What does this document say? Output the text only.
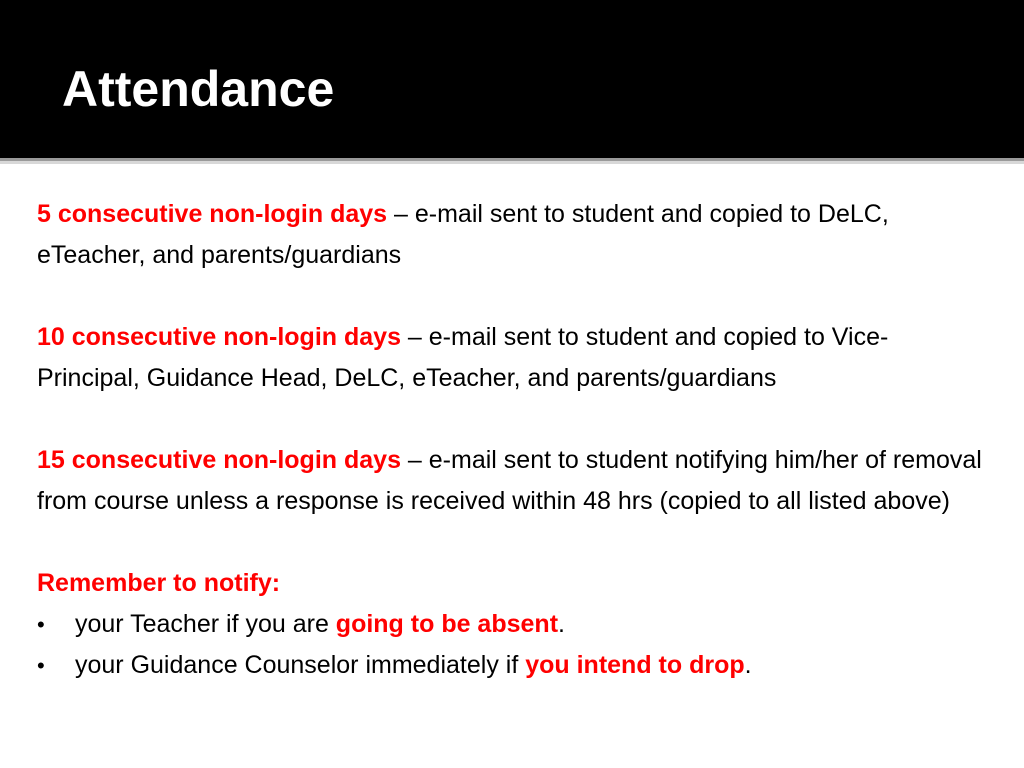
Attendance

5 consecutive non-login days – e-mail sent to student and copied to DeLC, eTeacher, and parents/guardians

10 consecutive non-login days – e-mail sent to student and copied to Vice-Principal, Guidance Head, DeLC, eTeacher, and parents/guardians

15 consecutive non-login days – e-mail sent to student notifying him/her of removal from course unless a response is received within 48 hrs (copied to all listed above)

Remember to notify:
• your Teacher if you are going to be absent.
• your Guidance Counselor immediately if you intend to drop.
